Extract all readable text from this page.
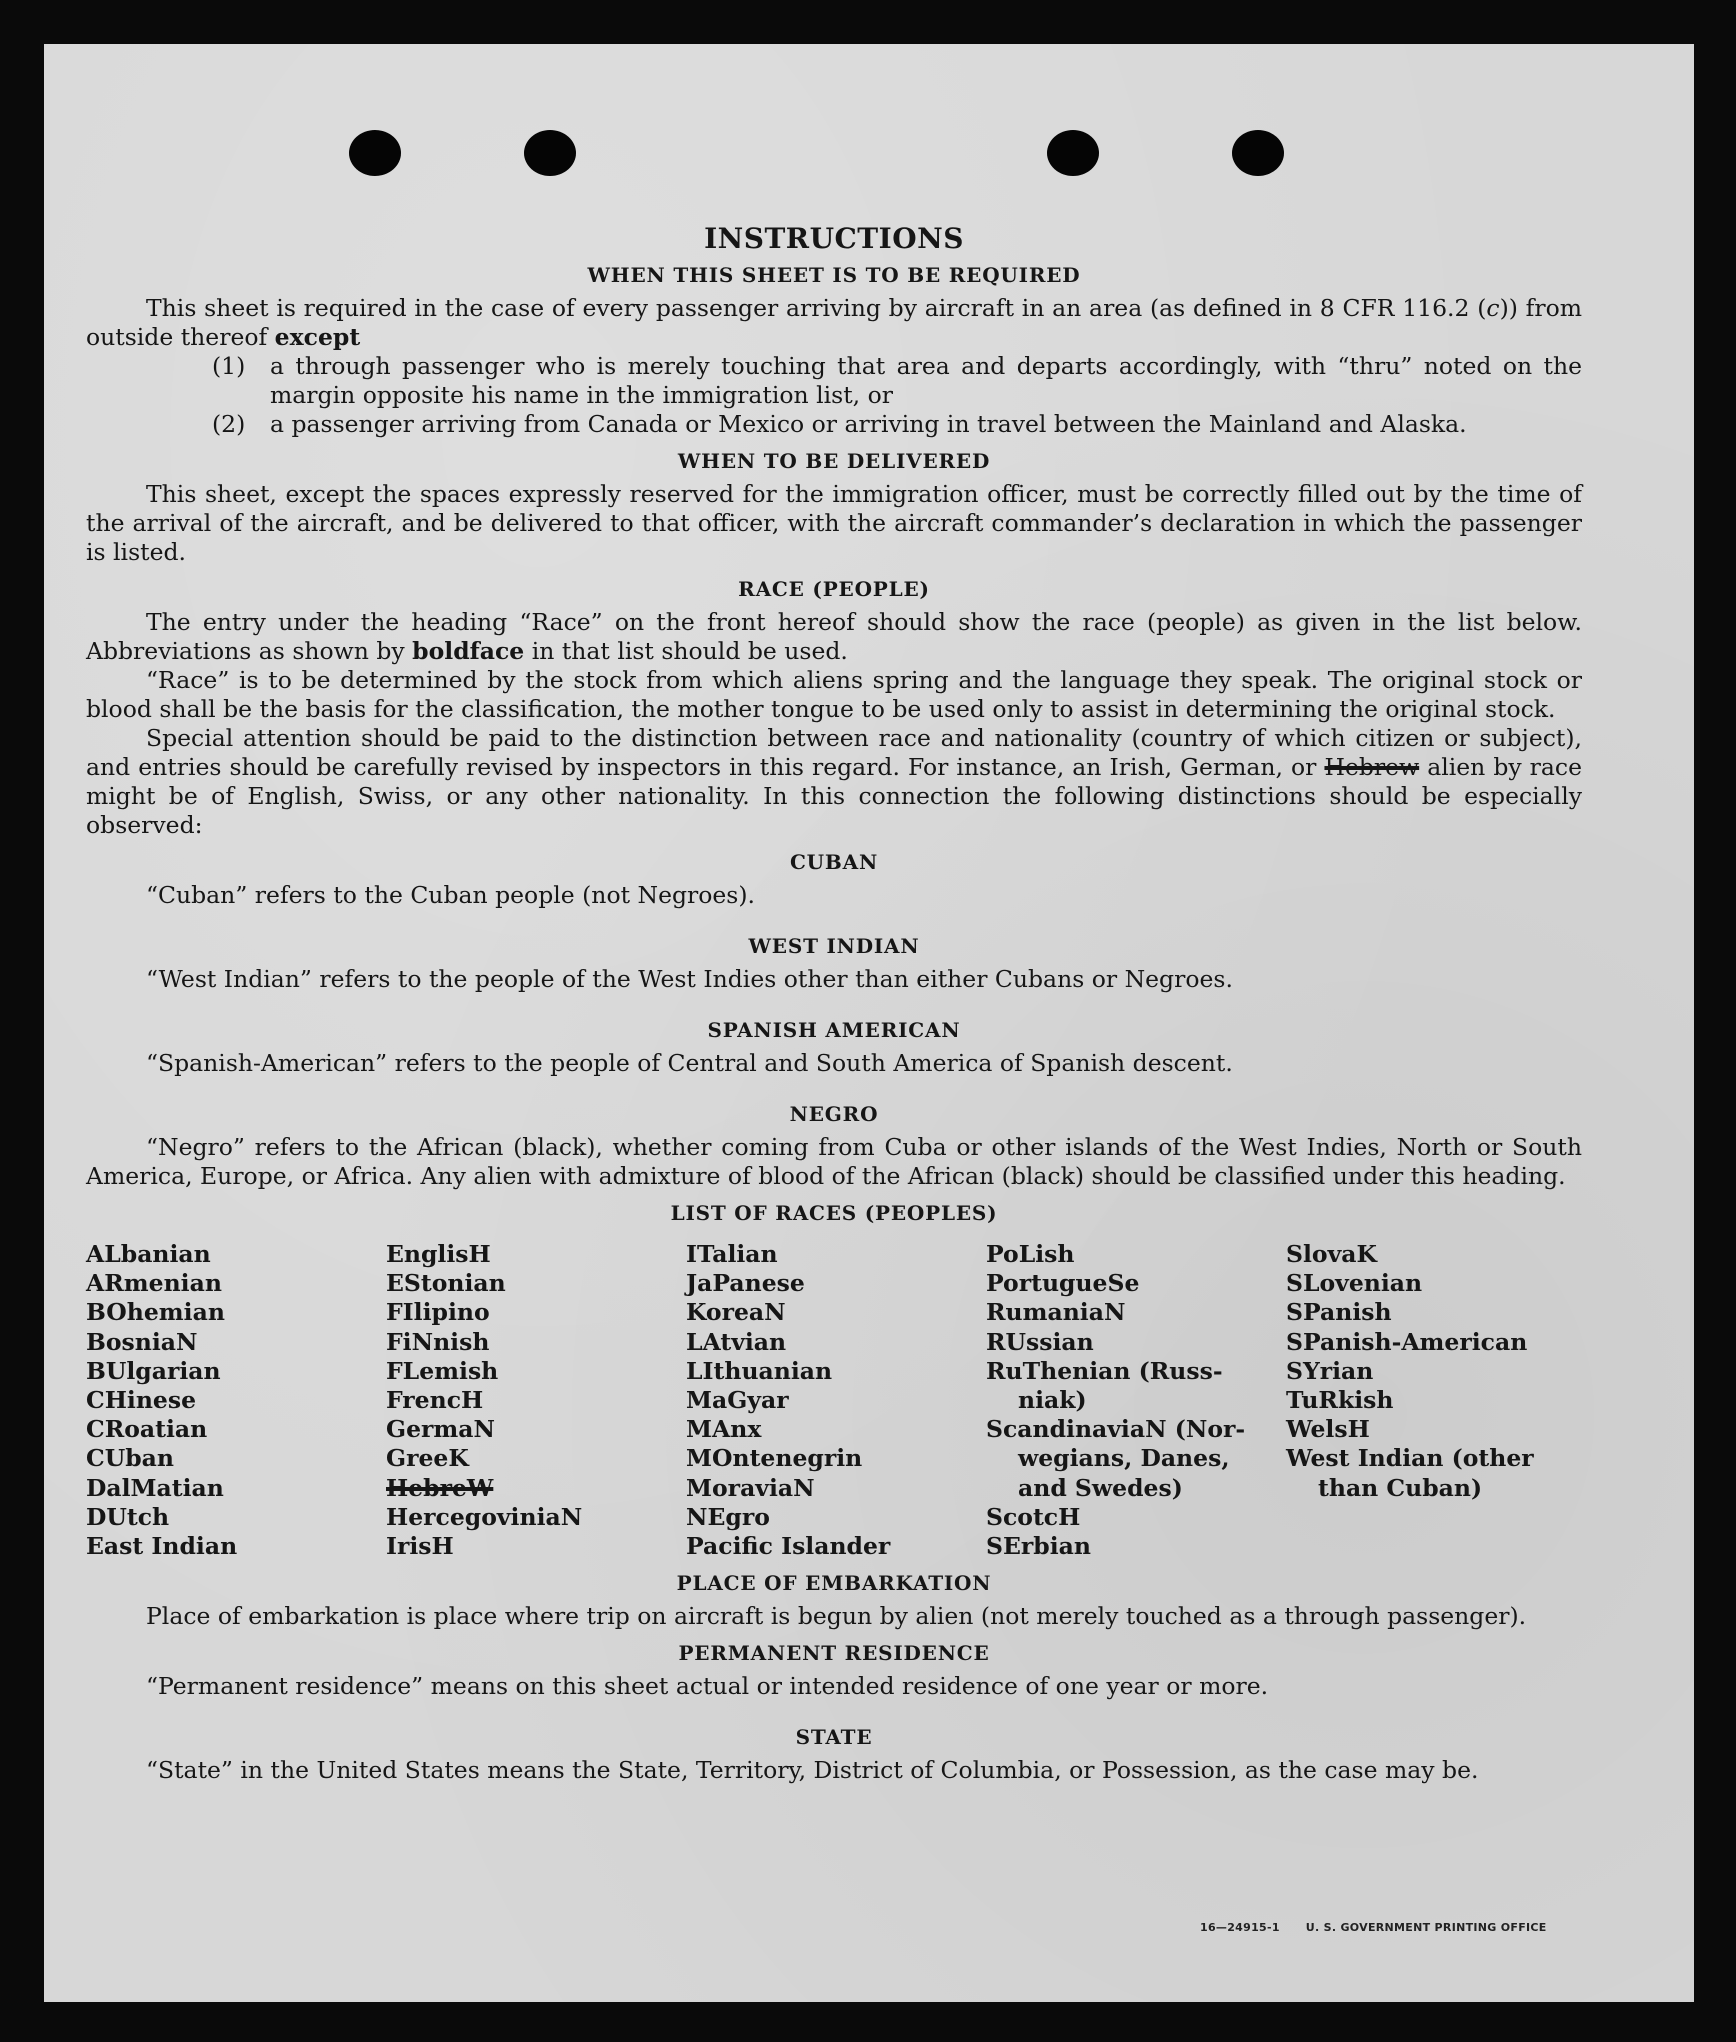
INSTRUCTIONS
WHEN THIS SHEET IS TO BE REQUIRED

This sheet is required in the case of every passenger arriving by aircraft in an area (as defined in 8 CFR 116.2 (c)) from outside thereof except

(1)	a through passenger who is merely touching that area and departs accordingly, with “thru” noted on the margin opposite his name in the immigration list, or
(2)	a passenger arriving from Canada or Mexico or arriving in travel between the Mainland and Alaska.
WHEN TO BE DELIVERED

This sheet, except the spaces expressly reserved for the immigration officer, must be correctly filled out by the time of the arrival of the aircraft, and be delivered to that officer, with the aircraft commander’s declaration in which the passenger is listed.

RACE (PEOPLE)

The entry under the heading “Race” on the front hereof should show the race (people) as given in the list below. Abbreviations as shown by boldface in that list should be used.

“Race” is to be determined by the stock from which aliens spring and the language they speak. The original stock or blood shall be the basis for the classification, the mother tongue to be used only to assist in determining the original stock.

Special attention should be paid to the distinction between race and nationality (country of which citizen or subject), and entries should be carefully revised by inspectors in this regard. For instance, an Irish, German, or Hebrew alien by race might be of English, Swiss, or any other nationality. In this connection the following distinctions should be especially observed:

CUBAN

“Cuban” refers to the Cuban people (not Negroes).

WEST INDIAN

“West Indian” refers to the people of the West Indies other than either Cubans or Negroes.

SPANISH AMERICAN

“Spanish-American” refers to the people of Central and South America of Spanish descent.

NEGRO

“Negro” refers to the African (black), whether coming from Cuba or other islands of the West Indies, North or South America, Europe, or Africa. Any alien with admixture of blood of the African (black) should be classified under this heading.

LIST OF RACES (PEOPLES)
ALbanian
ARmenian
BOhemian
BosniaN
BUlgarian
CHinese
CRoatian
CUban
DalMatian
DUtch
East Indian
EnglisH
EStonian
FIlipino
FiNnish
FLemish
FrencH
GermaN
GreeK
HebreW
HercegoviniaN
IrisH
ITalian
JaPanese
KoreaN
LAtvian
LIthuanian
MaGyar
MAnx
MOntenegrin
MoraviaN
NEgro
Pacific Islander
PoLish
PortugueSe
RumaniaN
RUssian
RuThenian (Russ-
niak)
ScandinaviaN (Nor-
wegians, Danes,
and Swedes)
ScotcH
SErbian
SlovaK
SLovenian
SPanish
SPanish-American
SYrian
TuRkish
WelsH
West Indian (other
than Cuban)
PLACE OF EMBARKATION

Place of embarkation is place where trip on aircraft is begun by alien (not merely touched as a through passenger).

PERMANENT RESIDENCE

“Permanent residence” means on this sheet actual or intended residence of one year or more.

STATE

“State” in the United States means the State, Territory, District of Columbia, or Possession, as the case may be.

16—24915-1 U. S. GOVERNMENT PRINTING OFFICE
